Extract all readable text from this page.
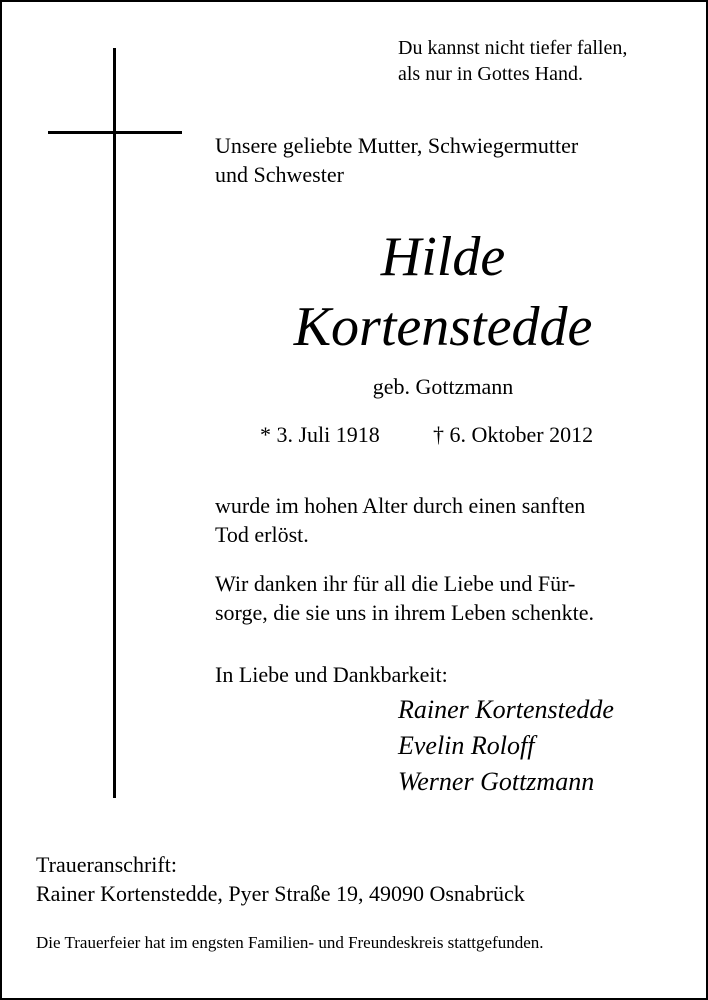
Du kannst nicht tiefer fallen,
als nur in Gottes Hand.
Unsere geliebte Mutter, Schwiegermutter
und Schwester
Hilde
Kortenstedde
geb. Gottzmann
* 3. Juli 1918 † 6. Oktober 2012
wurde im hohen Alter durch einen sanften
Tod erlöst.
Wir danken ihr für all die Liebe und Für-
sorge, die sie uns in ihrem Leben schenkte.
In Liebe und Dankbarkeit:
Rainer Kortenstedde
Evelin Roloff
Werner Gottzmann
Traueranschrift:
Rainer Kortenstedde, Pyer Straße 19, 49090 Osnabrück
Die Trauerfeier hat im engsten Familien- und Freundeskreis stattgefunden.
